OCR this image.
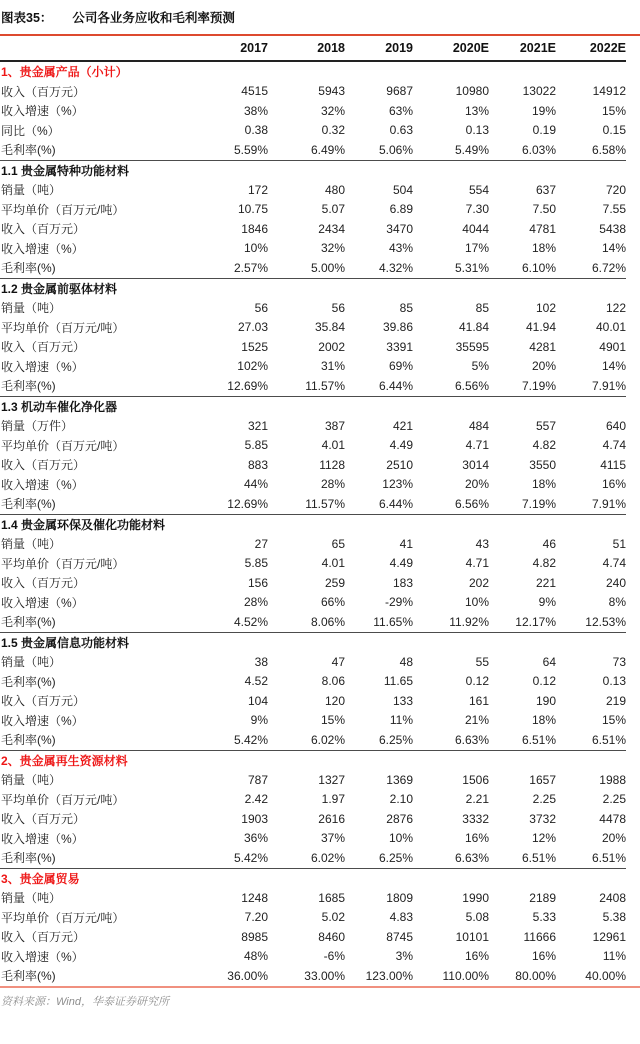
图表35： 公司各业务应收和毛利率预测
	2017	2018	2019	2020E	2021E	2022E
1、贵金属产品（小计）						
收入（百万元）	4515	5943	9687	10980	13022	14912
收入增速（%）	38%	32%	63%	13%	19%	15%
同比（%）	0.38	0.32	0.63	0.13	0.19	0.15
毛利率(%)	5.59%	6.49%	5.06%	5.49%	6.03%	6.58%
1.1 贵金属特种功能材料						
销量（吨）	172	480	504	554	637	720
平均单价（百万元/吨）	10.75	5.07	6.89	7.30	7.50	7.55
收入（百万元）	1846	2434	3470	4044	4781	5438
收入增速（%）	10%	32%	43%	17%	18%	14%
毛利率(%)	2.57%	5.00%	4.32%	5.31%	6.10%	6.72%
1.2 贵金属前驱体材料						
销量（吨）	56	56	85	85	102	122
平均单价（百万元/吨）	27.03	35.84	39.86	41.84	41.94	40.01
收入（百万元）	1525	2002	3391	35595	4281	4901
收入增速（%）	102%	31%	69%	5%	20%	14%
毛利率(%)	12.69%	11.57%	6.44%	6.56%	7.19%	7.91%
1.3 机动车催化净化器						
销量（万件）	321	387	421	484	557	640
平均单价（百万元/吨）	5.85	4.01	4.49	4.71	4.82	4.74
收入（百万元）	883	1128	2510	3014	3550	4115
收入增速（%）	44%	28%	123%	20%	18%	16%
毛利率(%)	12.69%	11.57%	6.44%	6.56%	7.19%	7.91%
1.4 贵金属环保及催化功能材料						
销量（吨）	27	65	41	43	46	51
平均单价（百万元/吨）	5.85	4.01	4.49	4.71	4.82	4.74
收入（百万元）	156	259	183	202	221	240
收入增速（%）	28%	66%	-29%	10%	9%	8%
毛利率(%)	4.52%	8.06%	11.65%	11.92%	12.17%	12.53%
1.5 贵金属信息功能材料						
销量（吨）	38	47	48	55	64	73
毛利率(%)	4.52	8.06	11.65	0.12	0.12	0.13
收入（百万元）	104	120	133	161	190	219
收入增速（%）	9%	15%	11%	21%	18%	15%
毛利率(%)	5.42%	6.02%	6.25%	6.63%	6.51%	6.51%
2、贵金属再生资源材料						
销量（吨）	787	1327	1369	1506	1657	1988
平均单价（百万元/吨）	2.42	1.97	2.10	2.21	2.25	2.25
收入（百万元）	1903	2616	2876	3332	3732	4478
收入增速（%）	36%	37%	10%	16%	12%	20%
毛利率(%)	5.42%	6.02%	6.25%	6.63%	6.51%	6.51%
3、贵金属贸易						
销量（吨）	1248	1685	1809	1990	2189	2408
平均单价（百万元/吨）	7.20	5.02	4.83	5.08	5.33	5.38
收入（百万元）	8985	8460	8745	10101	11666	12961
收入增速（%）	48%	-6%	3%	16%	16%	11%
毛利率(%)	36.00%	33.00%	123.00%	110.00%	80.00%	40.00%
资料来源：Wind，华泰证券研究所
